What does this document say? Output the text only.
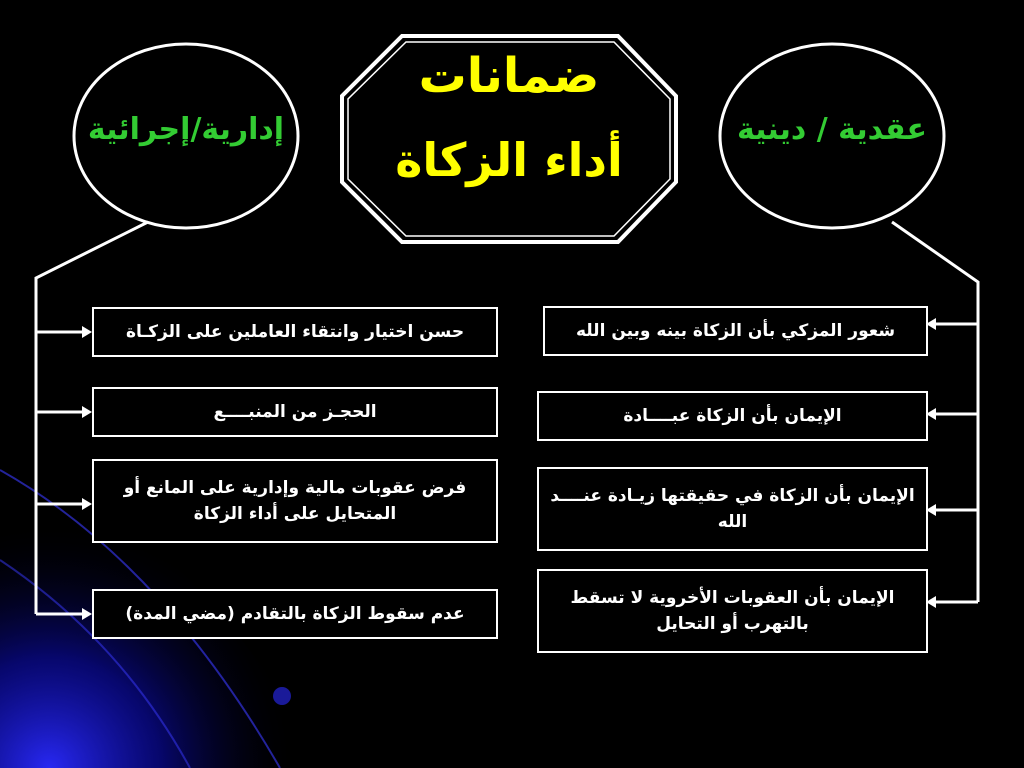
ضمانات
أداء الزكاة
إدارية/إجرائية	عقدية / دينية
حسن اختيار وانتقاء العاملين على الزكـاة
الحجـز من المنبــــع
فرض عقوبات مالية وإدارية على المانع أو المتحايل على أداء الزكاة
عدم سقوط الزكاة بالتقادم (مضي المدة)
شعور المزكي بأن الزكاة بينه وبين الله
الإيمان بأن الزكاة عبــــادة
الإيمان بأن الزكاة في حقيقتها زيـادة عنــــد الله
الإيمان بأن العقوبات الأخروية لا تسقط بالتهرب أو التحايل
